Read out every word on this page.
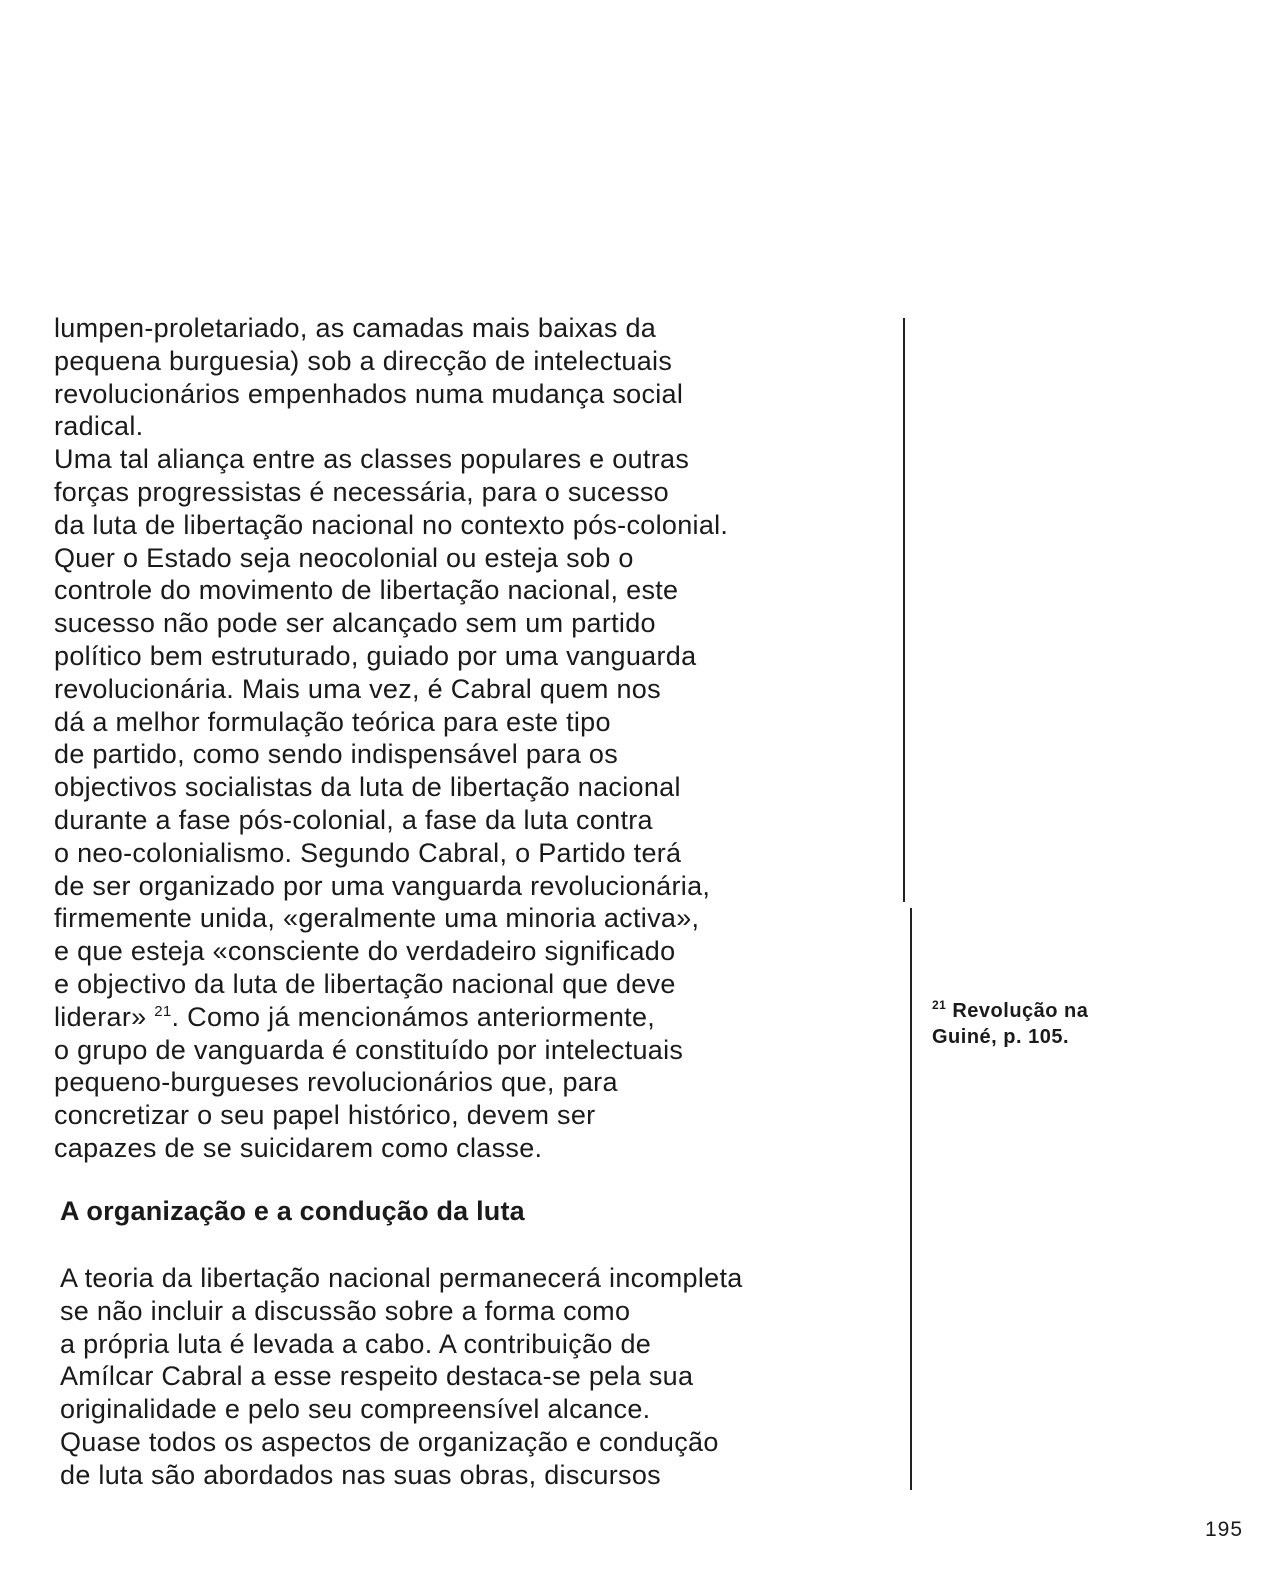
lumpen-proletariado, as camadas mais baixas da
pequena burguesia) sob a direcção de intelectuais
revolucionários empenhados numa mudança social
radical.
Uma tal aliança entre as classes populares e outras
forças progressistas é necessária, para o sucesso
da luta de libertação nacional no contexto pós-colonial.
Quer o Estado seja neocolonial ou esteja sob o
controle do movimento de libertação nacional, este
sucesso não pode ser alcançado sem um partido
político bem estruturado, guiado por uma vanguarda
revolucionária. Mais uma vez, é Cabral quem nos
dá a melhor formulação teórica para este tipo
de partido, como sendo indispensável para os
objectivos socialistas da luta de libertação nacional
durante a fase pós-colonial, a fase da luta contra
o neo-colonialismo. Segundo Cabral, o Partido terá
de ser organizado por uma vanguarda revolucionária,
firmemente unida, «geralmente uma minoria activa»,
e que esteja «consciente do verdadeiro significado
e objectivo da luta de libertação nacional que deve
liderar» $^{21}$. Como já mencionámos anteriormente,
o grupo de vanguarda é constituído por intelectuais
pequeno-burgueses revolucionários que, para
concretizar o seu papel histórico, devem ser
capazes de se suicidarem como classe.
A organização e a condução da luta
A teoria da libertação nacional permanecerá incompleta
se não incluir a discussão sobre a forma como
a própria luta é levada a cabo. A contribuição de
Amílcar Cabral a esse respeito destaca-se pela sua
originalidade e pelo seu compreensível alcance.
Quase todos os aspectos de organização e condução
de luta são abordados nas suas obras, discursos
$^{21}$ Revolução na
Guiné, p. 105.
195
